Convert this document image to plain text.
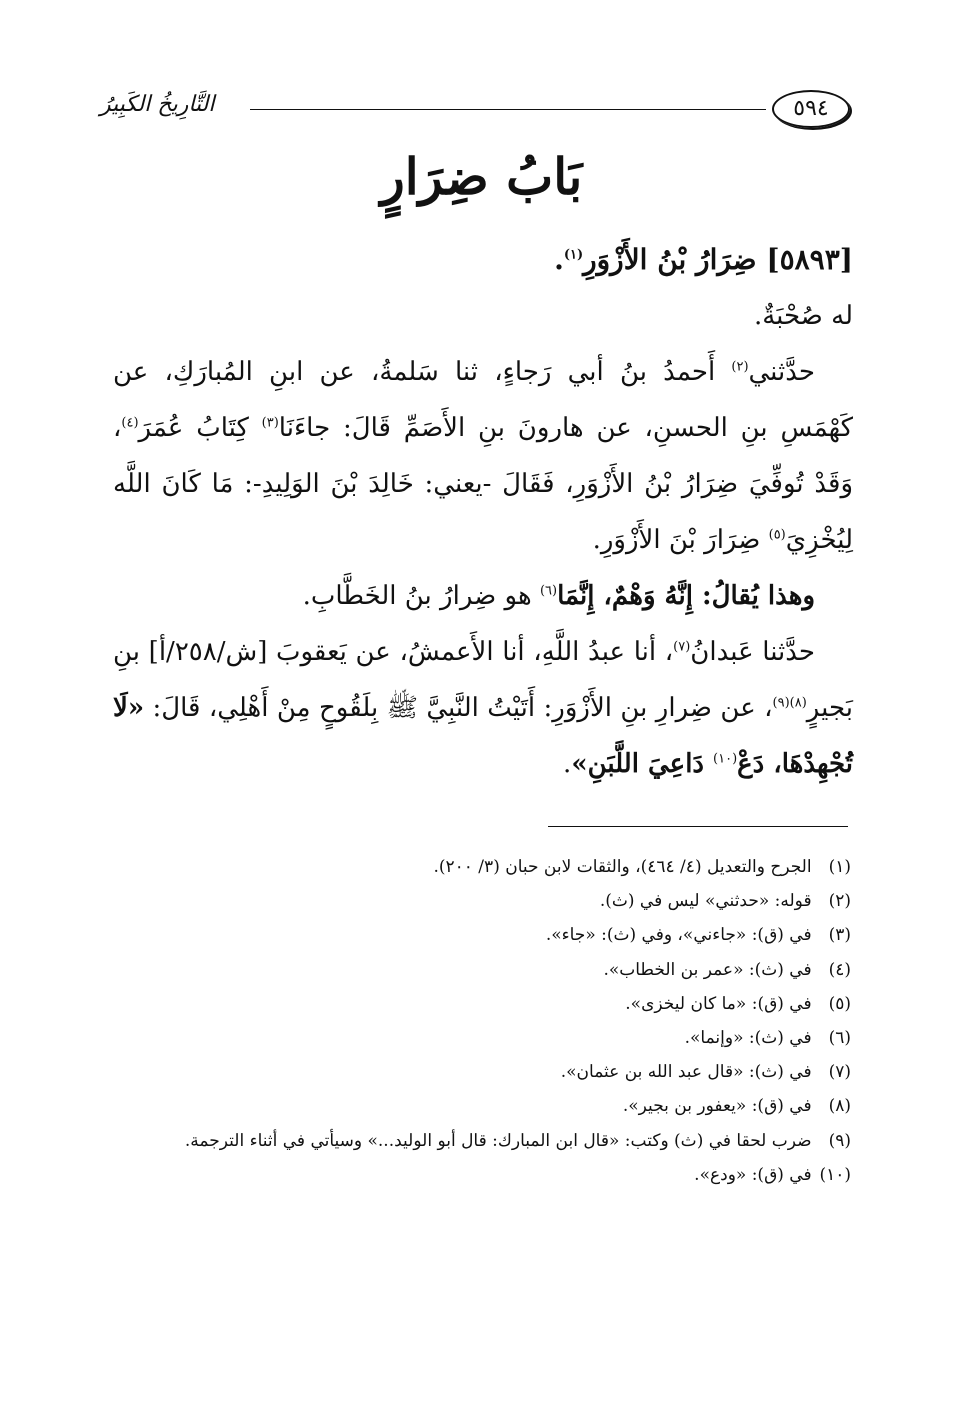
٥٩٤
التَّارِيخُ الكَبِيرُ
بَابُ ضِرَارٍ

[٥٨٩٣] ضِرَارُ بْنُ الأَزْوَرِ$^{(١)}$.

له صُحْبَةٌ.

حدَّثني$^{(٢)}$ أَحمدُ بنُ أبي رَجاءٍ، ثنا سَلمةُ، عن ابنِ المُبارَكِ، عن كَهْمَسِ بنِ الحسنِ، عن هارونَ بنِ الأَصَمِّ قَالَ: جاءَنَا$^{(٣)}$ كِتَابُ عُمَرَ$^{(٤)}$، وَقَدْ تُوفِّيَ ضِرَارُ بْنُ الأَزْوَرِ، فَقَالَ -يعني: خَالِدَ بْنَ الوَلِيدِ-: مَا كَانَ اللَّه لِيُخْزِيَ$^{(٥)}$ ضِرَارَ بْنَ الأَزْوَرِ.

وهذا يُقالُ: إِنَّهُ وَهْمٌ، إِنَّمَا$^{(٦)}$ هو ضِرارُ بنُ الخَطَّابِ.

حدَّثنا عَبدانُ$^{(٧)}$، أنا عبدُ اللَّهِ، أنا الأَعمشُ، عن يَعقوبَ [ش/٢٥٨/أ] بنِ بَجيرٍ$^{(٨)(٩)}$، عن ضِرارِ بنِ الأَزْوَرِ: أَتَيْتُ النَّبِيَّ ﷺ بِلَقُوحٍ مِنْ أَهْلِي، قَالَ: «لَا تُجْهِدْهَا، دَعْ$^{(١٠)}$ دَاعِيَ اللَّبَنِ».

(١) الجرح والتعديل (٤/ ٤٦٤)، والثقات لابن حبان (٣/ ٢٠٠).
(٢) قوله: «حدثني» ليس في (ث).
(٣) في (ق): «جاءني»، وفي (ث): «جاء».
(٤) في (ث): «عمر بن الخطاب».
(٥) في (ق): «ما كان ليخزى».
(٦) في (ث): «وإنما».
(٧) في (ث): «قال عبد الله بن عثمان».
(٨) في (ق): «يعفور بن بجير».
(٩) ضرب لحقا في (ث) وكتب: «قال ابن المبارك: قال أبو الوليد...» وسيأتي في أثناء الترجمة.
(١٠) في (ق): «ودع».
